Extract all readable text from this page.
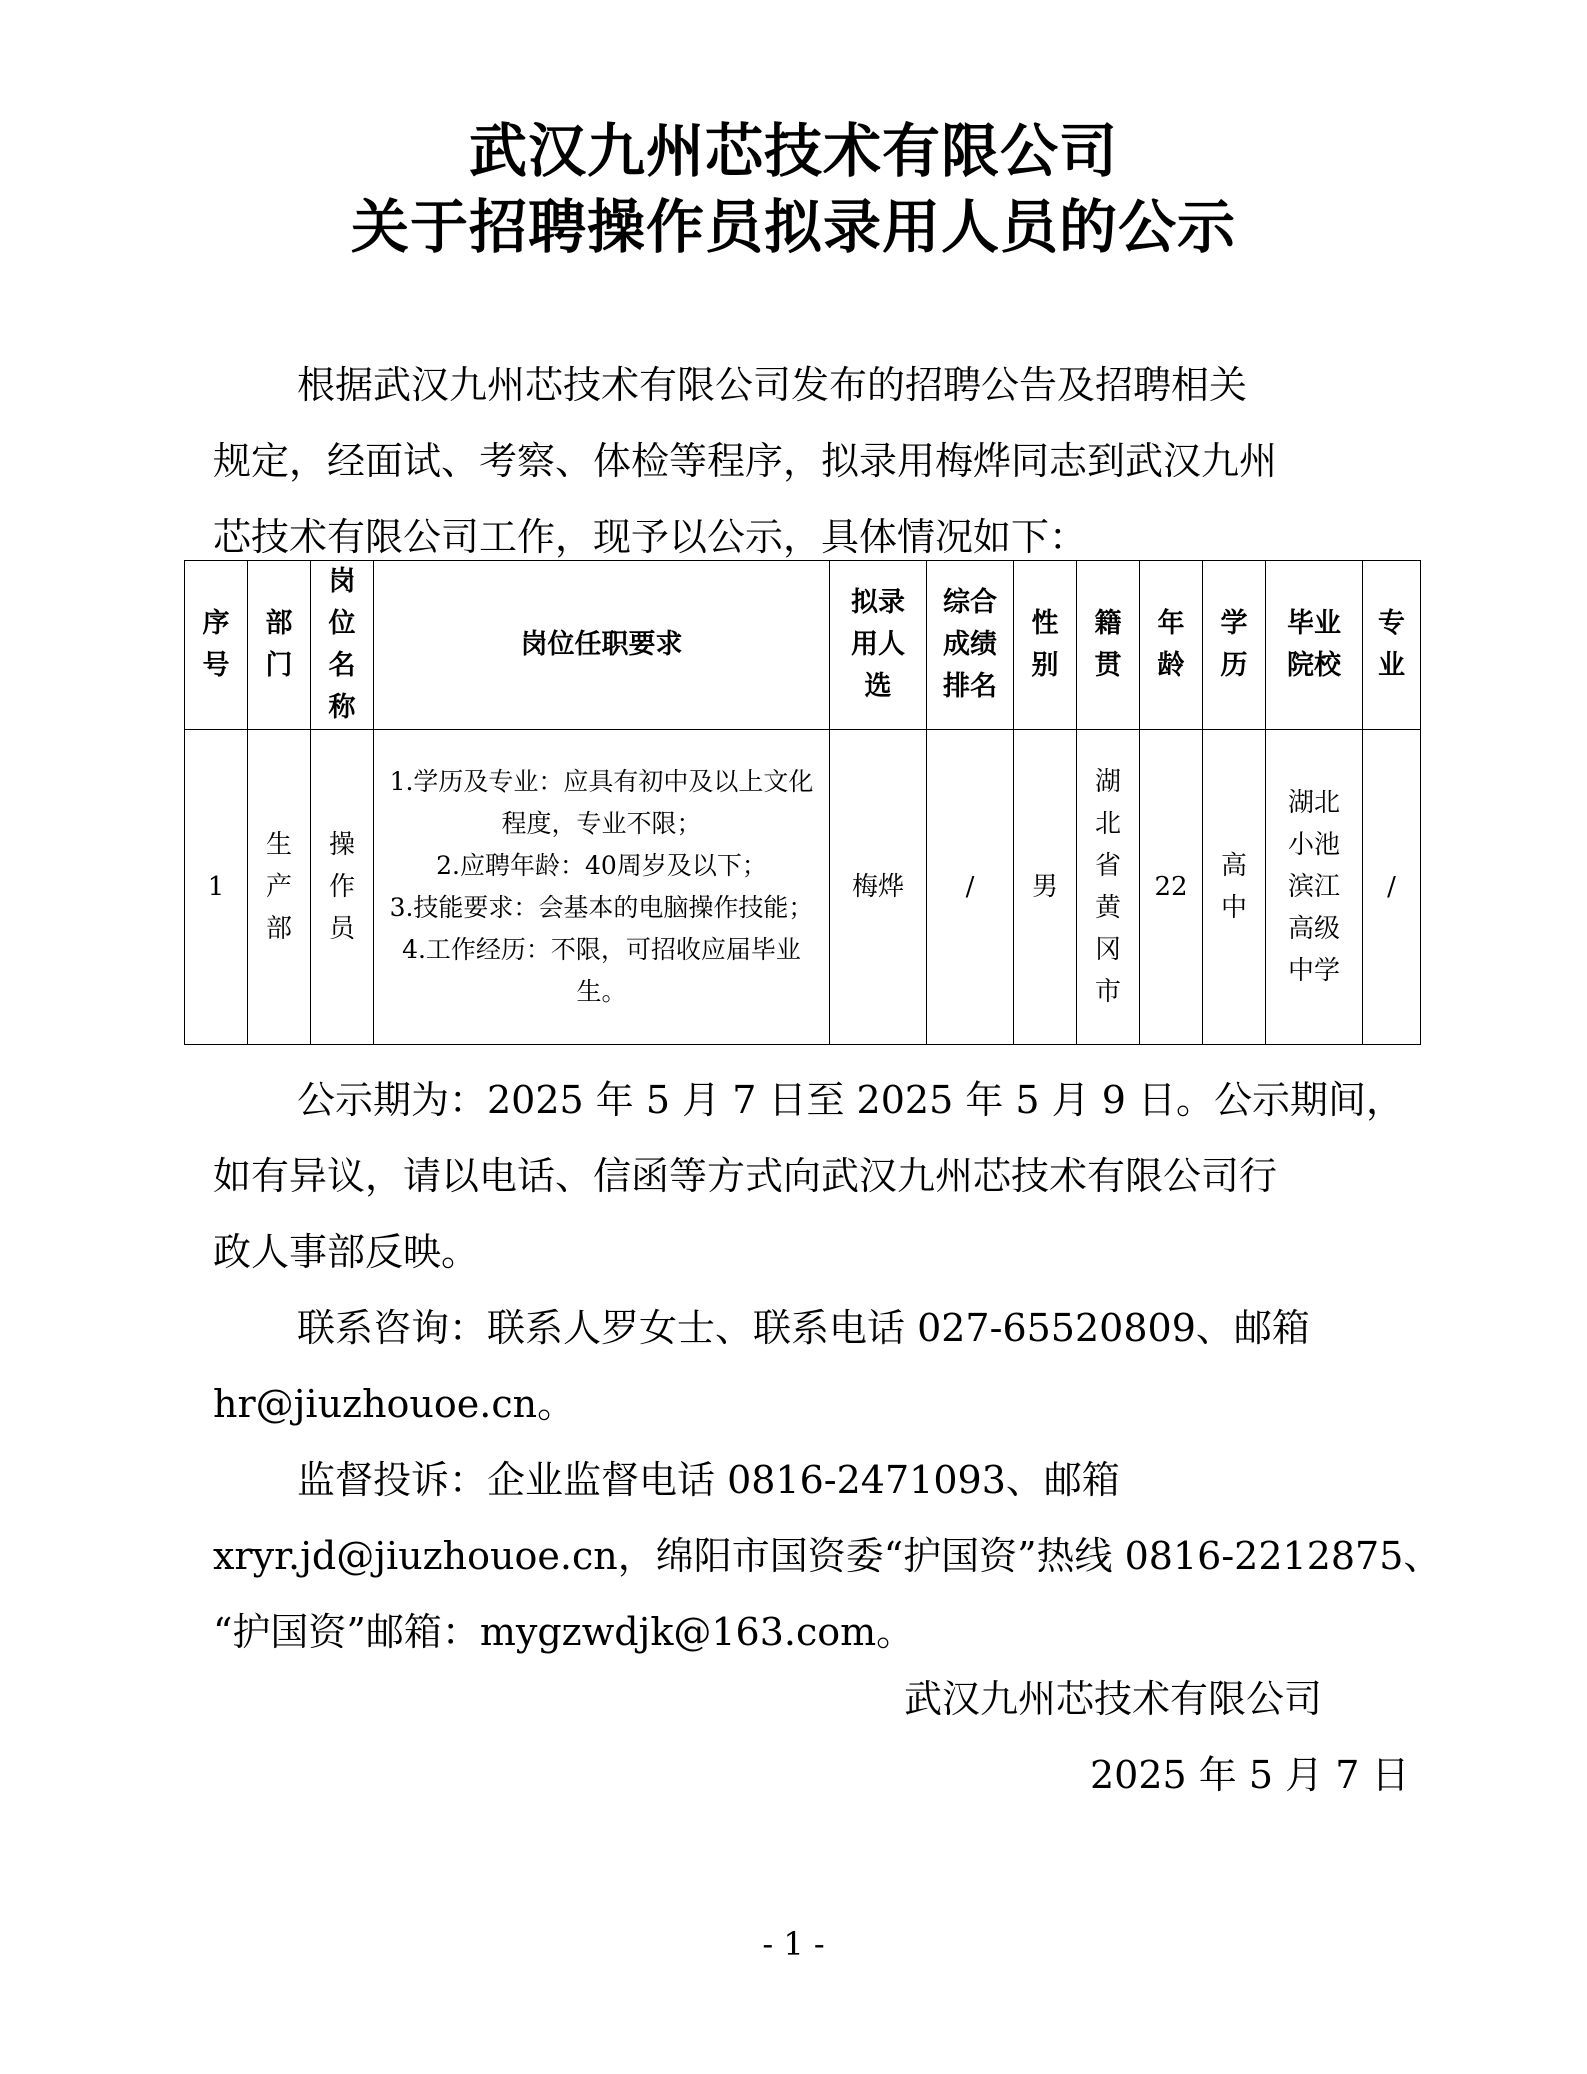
武汉九州芯技术有限公司
关于招聘操作员拟录用人员的公示
根据武汉九州芯技术有限公司发布的招聘公告及招聘相关
规定，经面试、考察、体检等程序，拟录用梅烨同志到武汉九州
芯技术有限公司工作，现予以公示，具体情况如下：
序号	部门	岗位名称	岗位任职要求	拟录用人选	综合成绩排名	性别	籍贯	年龄	学历	毕业院校	专业
1	生产部	操作员	1.学历及专业：应具有初中及以上文化程度，专业不限；
2.应聘年龄：40周岁及以下；
3.技能要求：会基本的电脑操作技能；
4.工作经历：不限，可招收应届毕业生。	梅烨	/	男	湖北省黄冈市	22	高中	湖北小池滨江高级中学	/
公示期为：2025 年 5 月 7 日至 2025 年 5 月 9 日。公示期间，
如有异议，请以电话、信函等方式向武汉九州芯技术有限公司行
政人事部反映。
联系咨询：联系人罗女士、联系电话 027-65520809、邮箱
hr@jiuzhouoe.cn。
监督投诉：企业监督电话 0816-2471093、邮箱
xryr.jd@jiuzhouoe.cn，绵阳市国资委“护国资”热线 0816-2212875、
“护国资”邮箱：mygzwdjk@163.com。
武汉九州芯技术有限公司
2025 年 5 月 7 日
- 1 -
